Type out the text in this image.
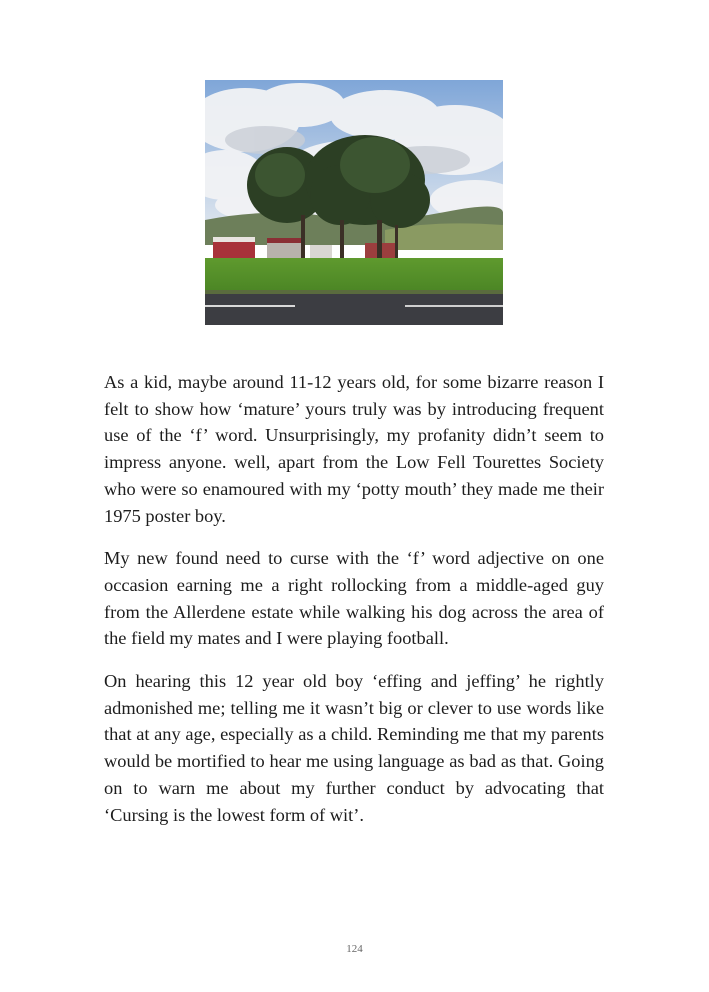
As a kid, maybe around 11-12 years old, for some bizarre reason I felt to show how ‘mature’ yours truly was by introducing frequent use of the ‘f’ word. Unsurprisingly, my profanity didn’t seem to impress anyone. well, apart from the Low Fell Tourettes Society who were so enamoured with my ‘potty mouth’ they made me their 1975 poster boy.

My new found need to curse with the ‘f’ word adjective on one occasion earning me a right rollocking from a middle-aged guy from the Allerdene estate while walking his dog across the area of the field my mates and I were playing football.

On hearing this 12 year old boy ‘effing and jeffing’ he rightly admonished me; telling me it wasn’t big or clever to use words like that at any age, especially as a child. Reminding me that my parents would be mortified to hear me using language as bad as that. Going on to warn me about my further conduct by advocating that ‘Cursing is the lowest form of wit’.

124
